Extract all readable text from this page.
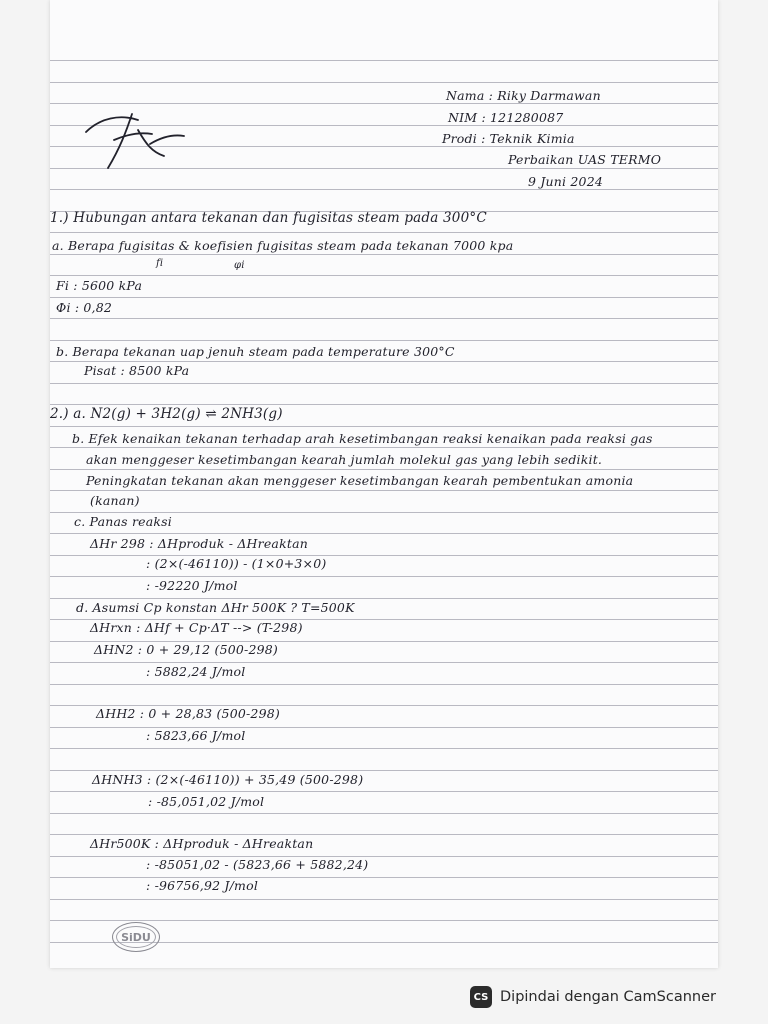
Nama : Riky Darmawan
NIM : 121280087
Prodi : Teknik Kimia
Perbaikan UAS TERMO
9 Juni 2024
1.) Hubungan antara tekanan dan fugisitas steam pada 300°C
a. Berapa fugisitas & koefisien fugisitas steam pada tekanan 7000 kpa
fi	φi
Fi : 5600 kPa
Φi : 0,82
b. Berapa tekanan uap jenuh steam pada temperature 300°C
Pisat : 8500 kPa
2.) a. N2(g) + 3H2(g) ⇌ 2NH3(g)
b. Efek kenaikan tekanan terhadap arah kesetimbangan reaksi kenaikan pada reaksi gas
akan menggeser kesetimbangan kearah jumlah molekul gas yang lebih sedikit.
Peningkatan tekanan akan menggeser kesetimbangan kearah pembentukan amonia
(kanan)
c. Panas reaksi
ΔHr 298 : ΔHproduk - ΔHreaktan
: (2×(-46110)) - (1×0+3×0)
: -92220 J/mol
d. Asumsi Cp konstan ΔHr 500K ? T=500K
ΔHrxn : ΔHf + Cp·ΔT --> (T-298)
ΔHN2 : 0 + 29,12 (500-298)
: 5882,24 J/mol
ΔHH2 : 0 + 28,83 (500-298)
: 5823,66 J/mol
ΔHNH3 : (2×(-46110)) + 35,49 (500-298)
: -85,051,02 J/mol
ΔHr500K : ΔHproduk - ΔHreaktan
: -85051,02 - (5823,66 + 5882,24)
: -96756,92 J/mol
SiDU
CS Dipindai dengan CamScanner
